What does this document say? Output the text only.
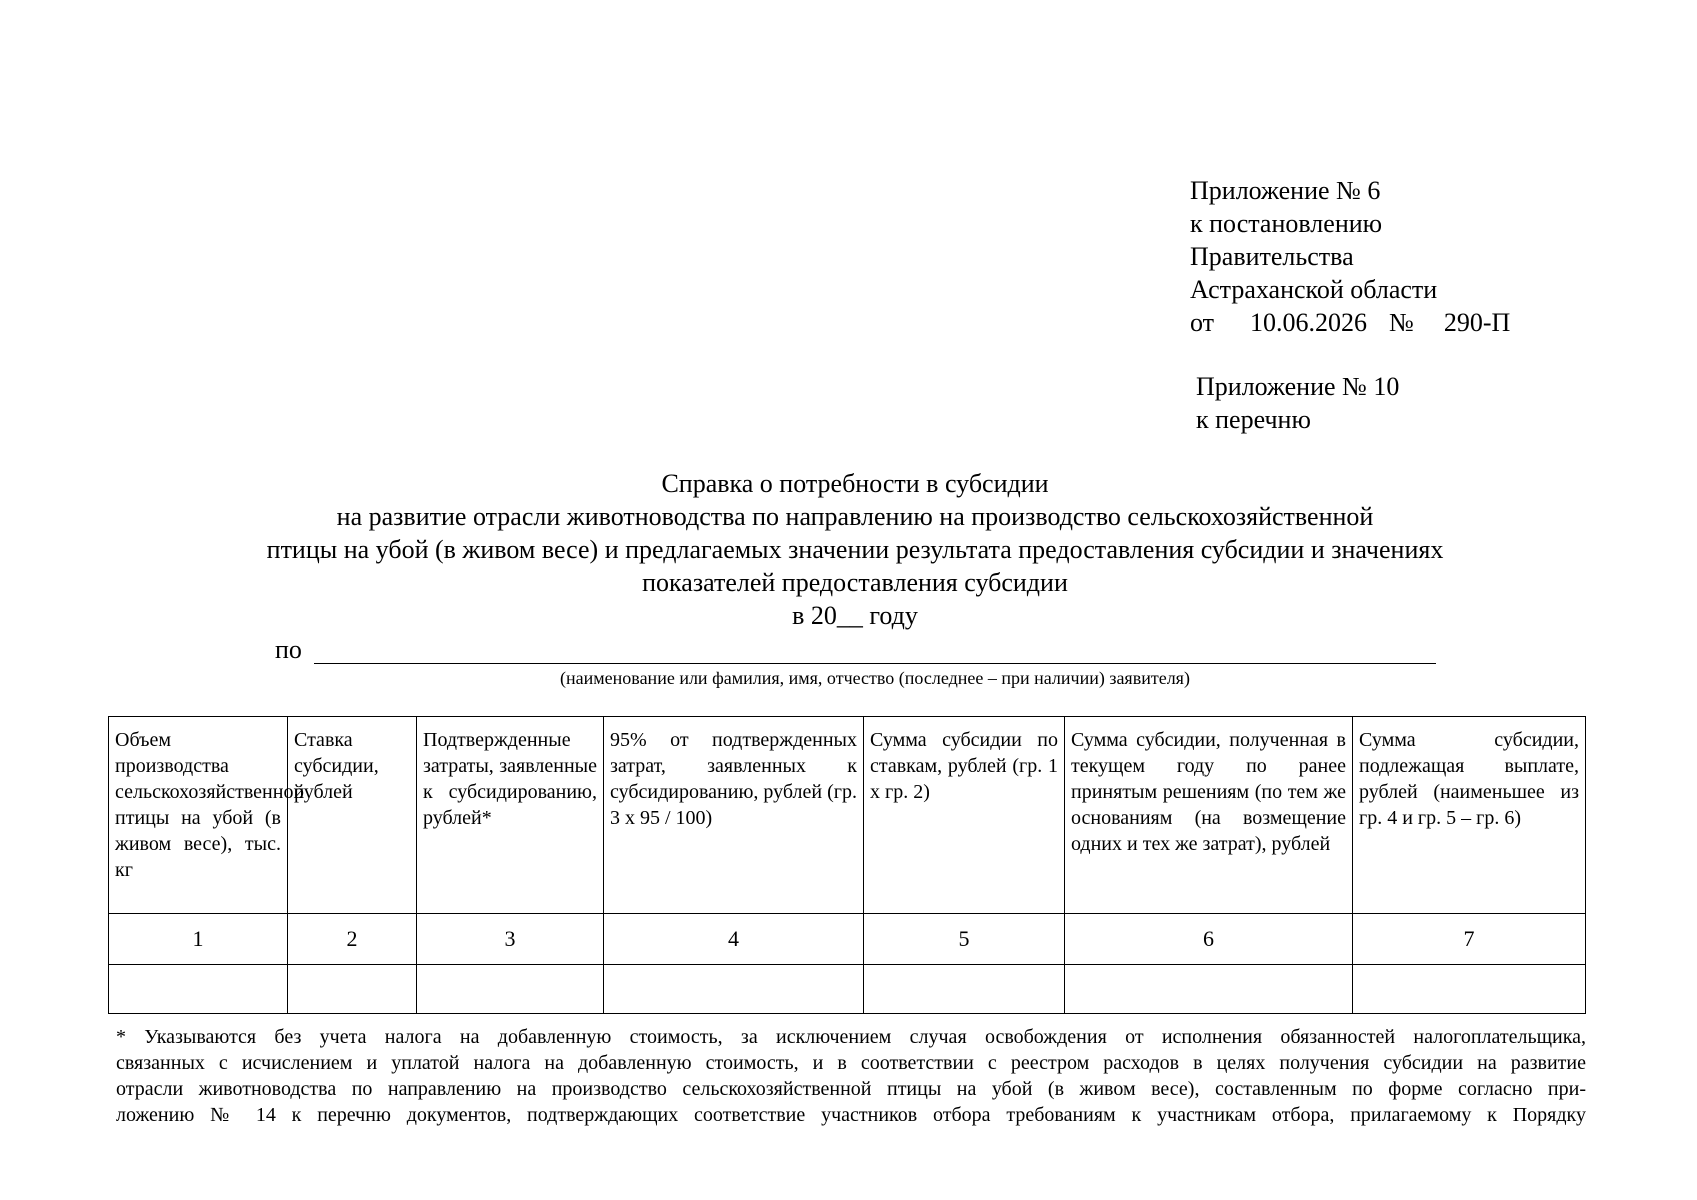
Приложение № 6
к постановлению
Правительства
Астраханской области
от 10.06.2026 № 290-П
Приложение № 10
к перечню
Справка о потребности в субсидии
на развитие отрасли животноводства по направлению на производство сельскохозяйственной
птицы на убой (в живом весе) и предлагаемых значении результата предоставления субсидии и значениях
показателей предоставления субсидии
в 20__ году
по
(наименование или фамилия, имя, отчество (последнее – при наличии) заявителя)
Объем производства сельскохозяйственной птицы на убой (в живом весе), тыс. кг	Ставка субсидии, рублей	Подтвержденные затраты, заявленные к субсидированию, рублей*	95% от подтвержденных затрат, заявленных к субсидированию, рублей (гр. 3 х 95 / 100)	Сумма субсидии по ставкам, рублей (гр. 1 х гр. 2)	Сумма субсидии, полученная в текущем году по ранее принятым решениям (по тем же основаниям (на возмещение одних и тех же затрат), рублей	Сумма субсидии, подлежащая выплате, рублей (наименьшее из гр. 4 и гр. 5 – гр. 6)
1	2	3	4	5	6	7

* Указываются без учета налога на добавленную стоимость, за исключением случая освобождения от исполнения обязанностей налогоплательщика,
связанных с исчислением и уплатой налога на добавленную стоимость, и в соответствии с реестром расходов в целях получения субсидии на развитие
отрасли животноводства по направлению на производство сельскохозяйственной птицы на убой (в живом весе), составленным по форме согласно при-
ложению № 14 к перечню документов, подтверждающих соответствие участников отбора требованиям к участникам отбора, прилагаемому к Порядку
